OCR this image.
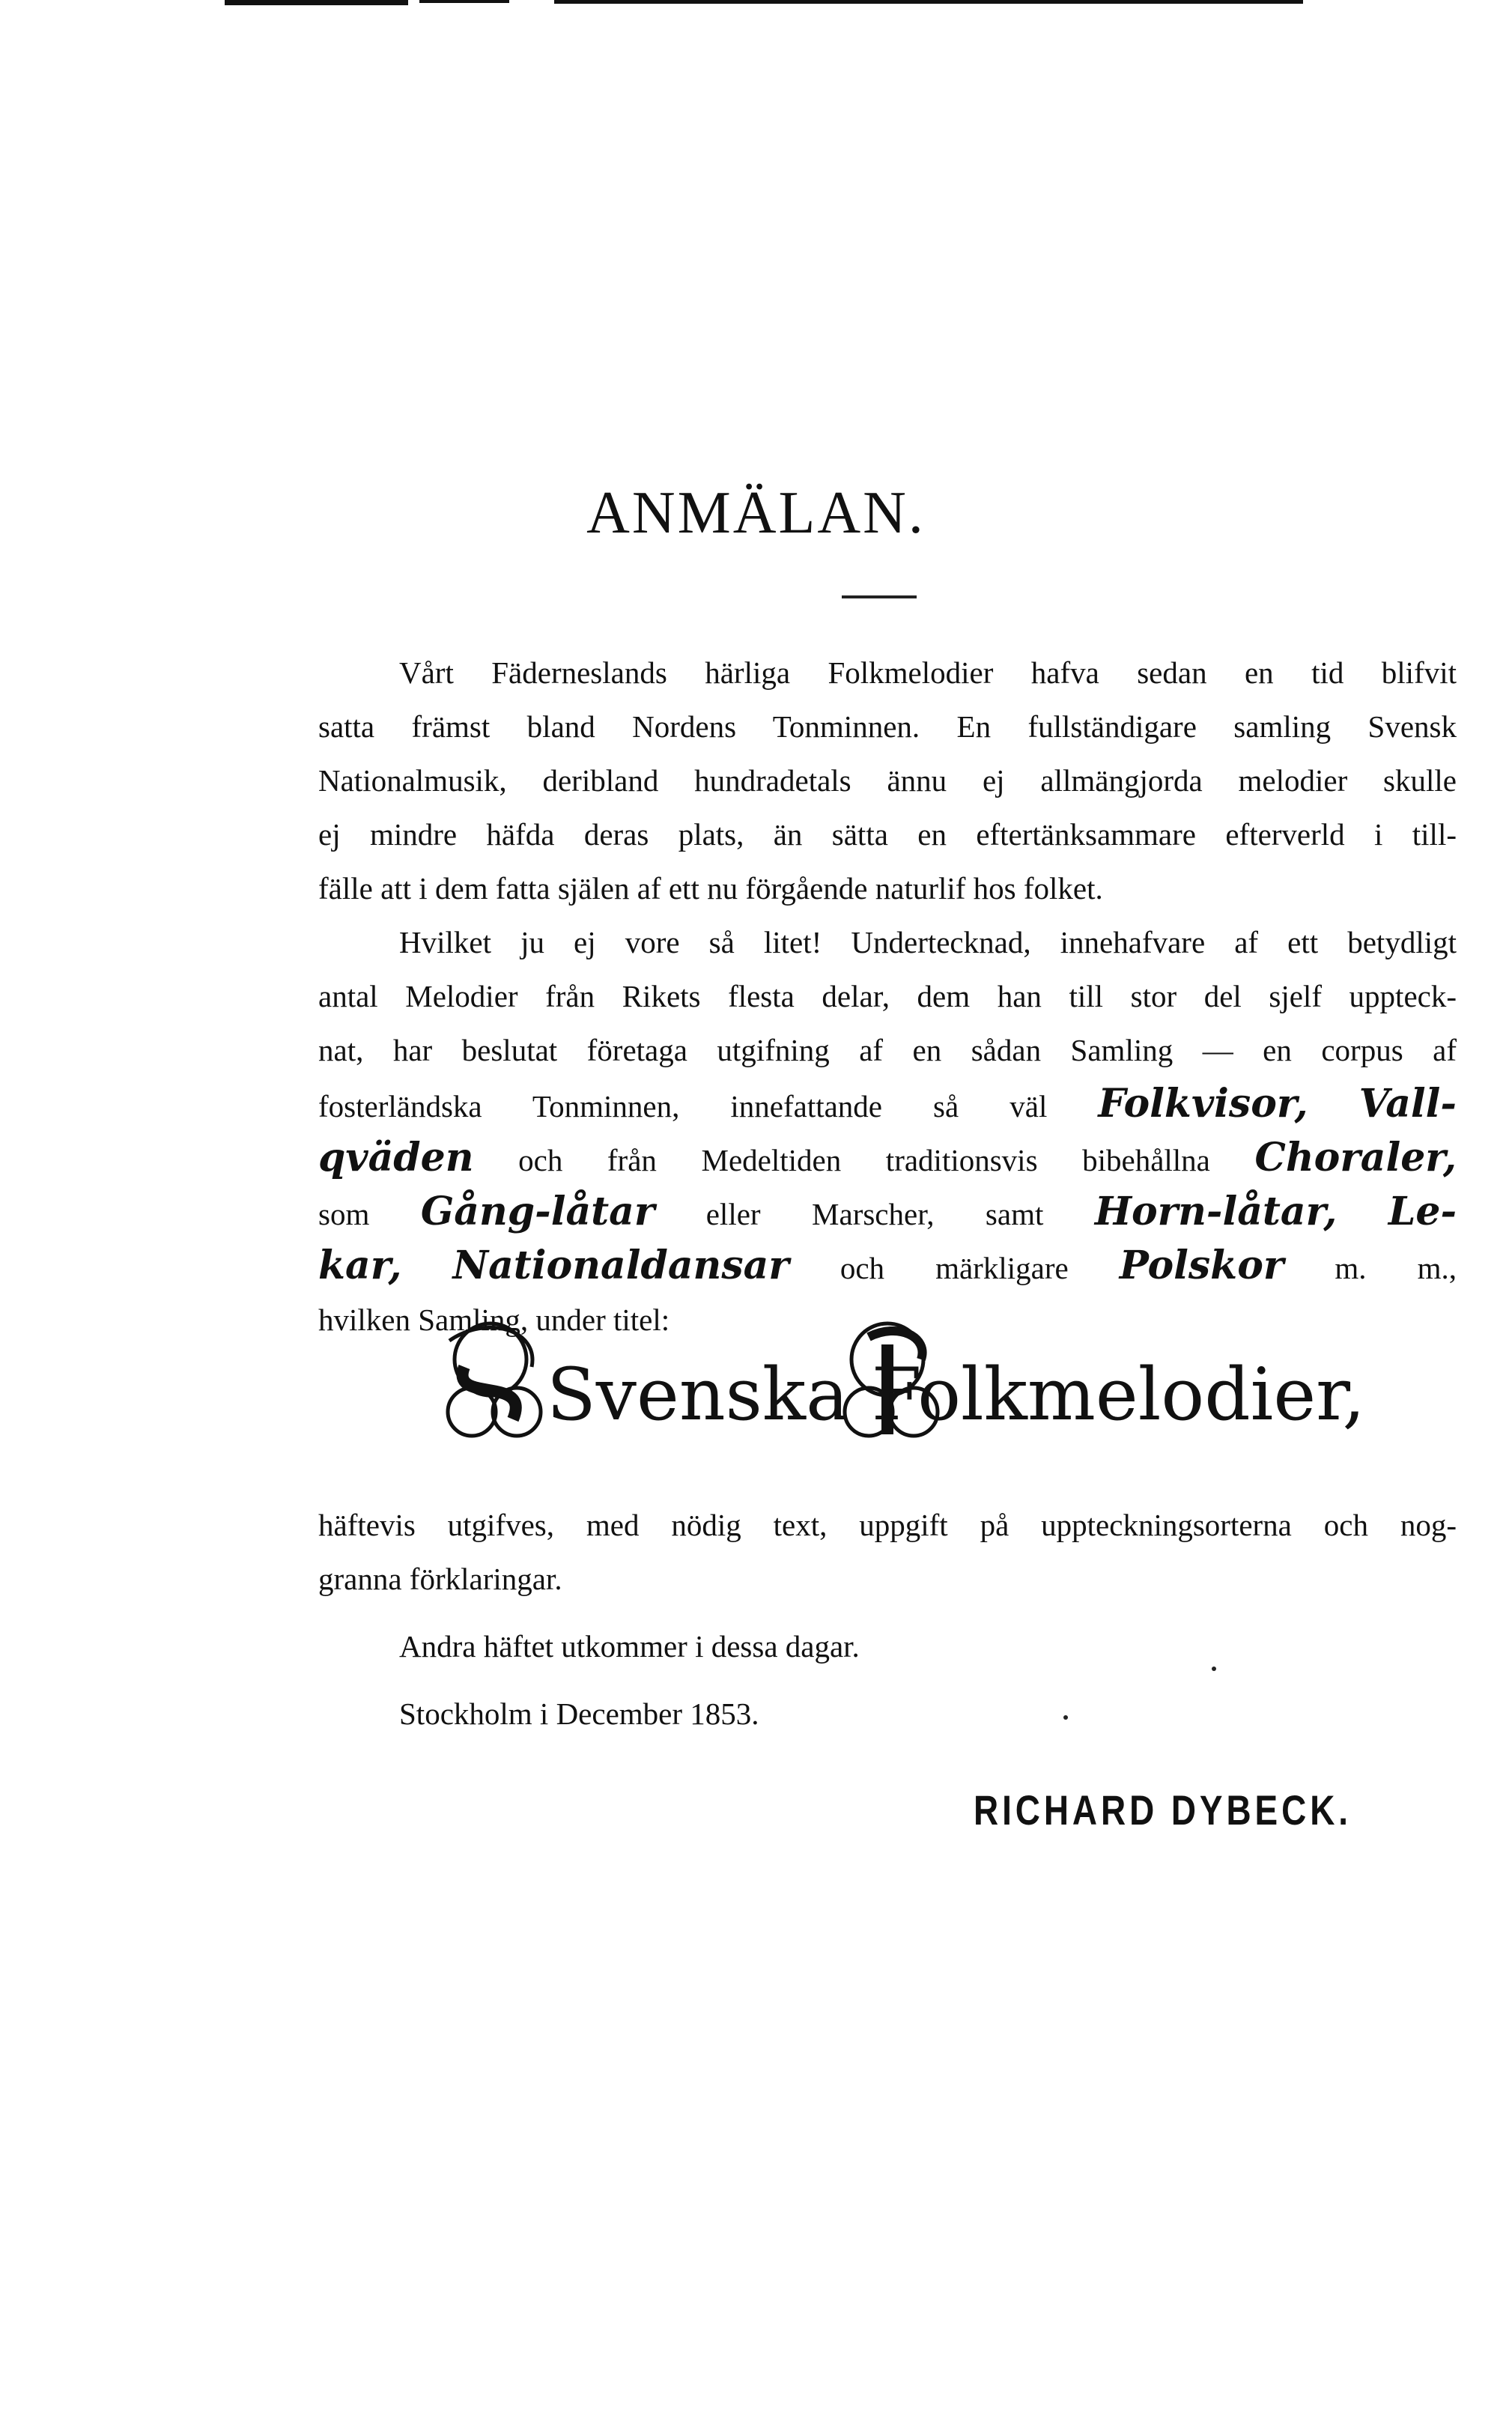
ANMÄLAN.
Vårt Fäderneslands härliga Folkmelodier hafva sedan en tid blifvit
satta främst bland Nordens Tonminnen. En fullständigare samling Svensk
Nationalmusik, deribland hundradetals ännu ej allmängjorda melodier skulle
ej mindre häfda deras plats, än sätta en eftertänksammare efterverld i till-
fälle att i dem fatta själen af ett nu förgående naturlif hos folket.
Hvilket ju ej vore så litet! Undertecknad, innehafvare af ett betydligt
antal Melodier från Rikets flesta delar, dem han till stor del sjelf uppteck-
nat, har beslutat företaga utgifning af en sådan Samling — en corpus af
fosterländska Tonminnen, innefattande så väl Folkvisor, Vall-
qväden och från Medeltiden traditionsvis bibehållna Choraler,
som Gång-låtar eller Marscher, samt Horn-låtar, Le-
kar, Nationaldansar och märkligare Polskor m. m.,
hvilken Samling, under titel:
Svenska Folkmelodier,
häftevis utgifves, med nödig text, uppgift på uppteckningsorterna och nog-
granna förklaringar.
Andra häftet utkommer i dessa dagar.
Stockholm i December 1853.
RICHARD DYBECK.
